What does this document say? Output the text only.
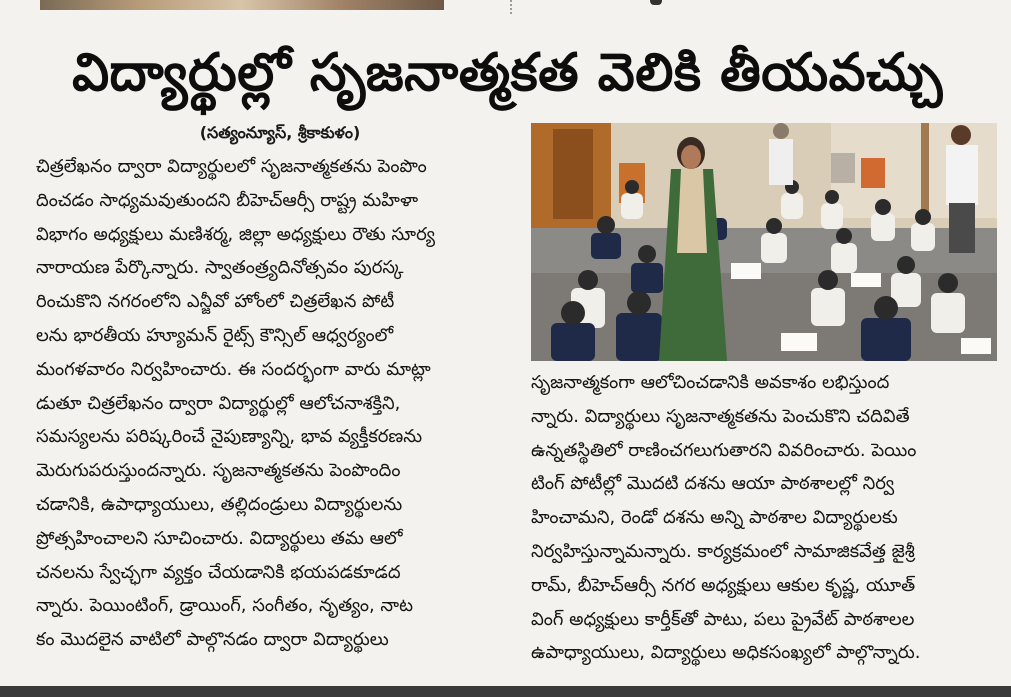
విద్యార్థుల్లో సృజనాత్మకత వెలికి తీయవచ్చు
(సత్యంన్యూస్, శ్రీకాకుళం)

చిత్రలేఖనం ద్వారా విద్యార్థులలో సృజనాత్మకతను పెంపొం
దించడం సాధ్యమవుతుందని బీహెచ్ఆర్సీ రాష్ట్ర మహిళా
విభాగం అధ్యక్షులు మణిశర్మ, జిల్లా అధ్యక్షులు రౌతు సూర్య
నారాయణ పేర్కొన్నారు. స్వాతంత్ర్యదినోత్సవం పురస్క
రించుకొని నగరంలోని ఎన్జీవో హోంలో చిత్రలేఖన పోటీ
లను భారతీయ హ్యూమన్ రైట్స్ కౌన్సిల్ ఆధ్వర్యంలో
మంగళవారం నిర్వహించారు. ఈ సందర్భంగా వారు మాట్లా
డుతూ చిత్రలేఖనం ద్వారా విద్యార్థుల్లో ఆలోచనాశక్తిని,
సమస్యలను పరిష్కరించే నైపుణ్యాన్ని, భావ వ్యక్తీకరణను
మెరుగుపరుస్తుందన్నారు. సృజనాత్మకతను పెంపొందిం
చడానికి, ఉపాధ్యాయులు, తల్లిదండ్రులు విద్యార్థులను
ప్రోత్సహించాలని సూచించారు. విద్యార్థులు తమ ఆలో
చనలను స్వేచ్ఛగా వ్యక్తం చేయడానికి భయపడకూడద
న్నారు. పెయింటింగ్, డ్రాయింగ్, సంగీతం, నృత్యం, నాట
కం మొదలైన వాటిలో పాల్గొనడం ద్వారా విద్యార్థులు

సృజనాత్మకంగా ఆలోచించడానికి అవకాశం లభిస్తుంద
న్నారు. విద్యార్థులు సృజనాత్మకతను పెంచుకొని చదివితే
ఉన్నతస్థితిలో రాణించగలుగుతారని వివరించారు. పెయిం
టింగ్ పోటీల్లో మొదటి దశను ఆయా పాఠశాలల్లో నిర్వ
హించామని, రెండో దశను అన్ని పాఠశాల విద్యార్థులకు
నిర్వహిస్తున్నామన్నారు. కార్యక్రమంలో సామాజికవేత్త జైశ్రీ
రామ్, బీహెచ్ఆర్సీ నగర అధ్యక్షులు ఆకుల కృష్ణ, యూత్
వింగ్ అధ్యక్షులు కార్తీక్‌తో పాటు, పలు ప్రైవేట్ పాఠశాలల
ఉపాధ్యాయులు, విద్యార్థులు అధికసంఖ్యలో పాల్గొన్నారు.
